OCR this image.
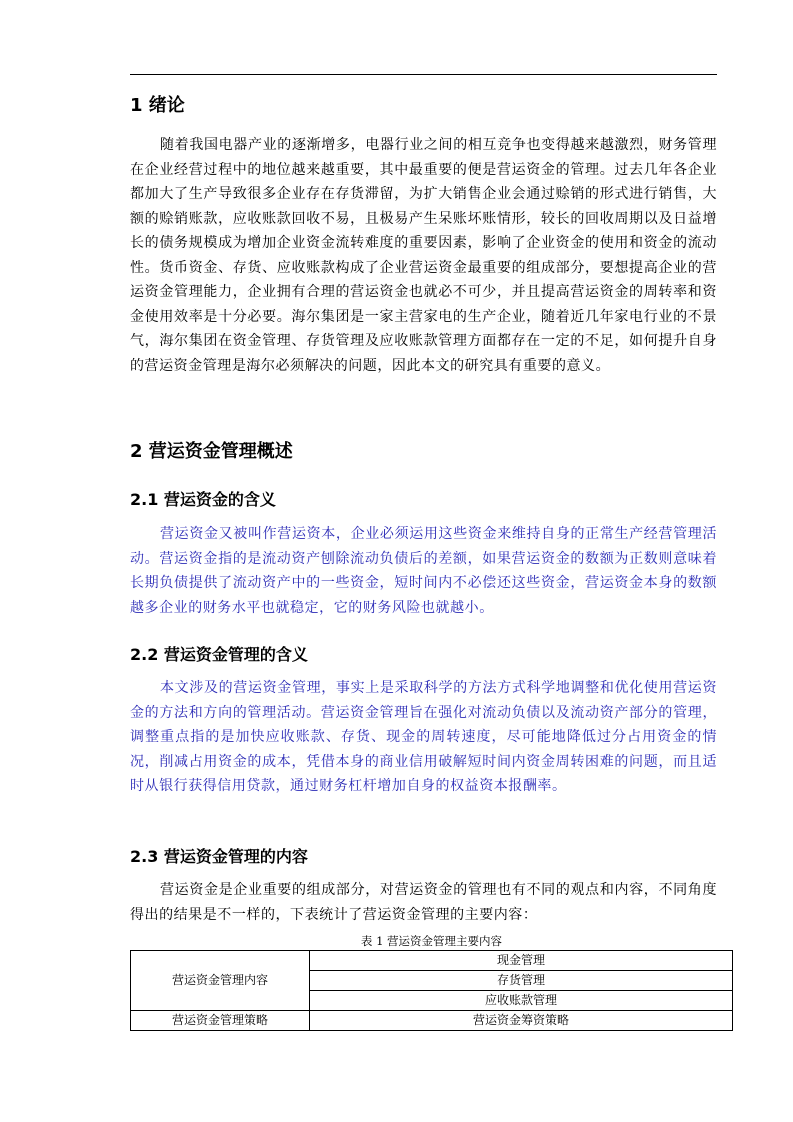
1 绪论

随着我国电器产业的逐渐增多，电器行业之间的相互竞争也变得越来越激烈，财务管理在企业经营过程中的地位越来越重要，其中最重要的便是营运资金的管理。过去几年各企业都加大了生产导致很多企业存在存货滞留，为扩大销售企业会通过赊销的形式进行销售，大额的赊销账款，应收账款回收不易，且极易产生呆账坏账情形，较长的回收周期以及日益增长的债务规模成为增加企业资金流转难度的重要因素，影响了企业资金的使用和资金的流动性。货币资金、存货、应收账款构成了企业营运资金最重要的组成部分，要想提高企业的营运资金管理能力，企业拥有合理的营运资金也就必不可少，并且提高营运资金的周转率和资金使用效率是十分必要。海尔集团是一家主营家电的生产企业，随着近几年家电行业的不景气，海尔集团在资金管理、存货管理及应收账款管理方面都存在一定的不足，如何提升自身的营运资金管理是海尔必须解决的问题，因此本文的研究具有重要的意义。

2 营运资金管理概述
2.1 营运资金的含义

营运资金又被叫作营运资本，企业必须运用这些资金来维持自身的正常生产经营管理活动。营运资金指的是流动资产刨除流动负债后的差额，如果营运资金的数额为正数则意味着长期负债提供了流动资产中的一些资金，短时间内不必偿还这些资金，营运资金本身的数额越多企业的财务水平也就稳定，它的财务风险也就越小。

2.2 营运资金管理的含义

本文涉及的营运资金管理，事实上是采取科学的方法方式科学地调整和优化使用营运资金的方法和方向的管理活动。营运资金管理旨在强化对流动负债以及流动资产部分的管理，调整重点指的是加快应收账款、存货、现金的周转速度，尽可能地降低过分占用资金的情况，削减占用资金的成本，凭借本身的商业信用破解短时间内资金周转困难的问题，而且适时从银行获得信用贷款，通过财务杠杆增加自身的权益资本报酬率。

2.3 营运资金管理的内容

营运资金是企业重要的组成部分，对营运资金的管理也有不同的观点和内容，不同角度得出的结果是不一样的，下表统计了营运资金管理的主要内容：

表 1 营运资金管理主要内容

营运资金管理内容	现金管理
	存货管理
	应收账款管理
营运资金管理策略	营运资金筹资策略
